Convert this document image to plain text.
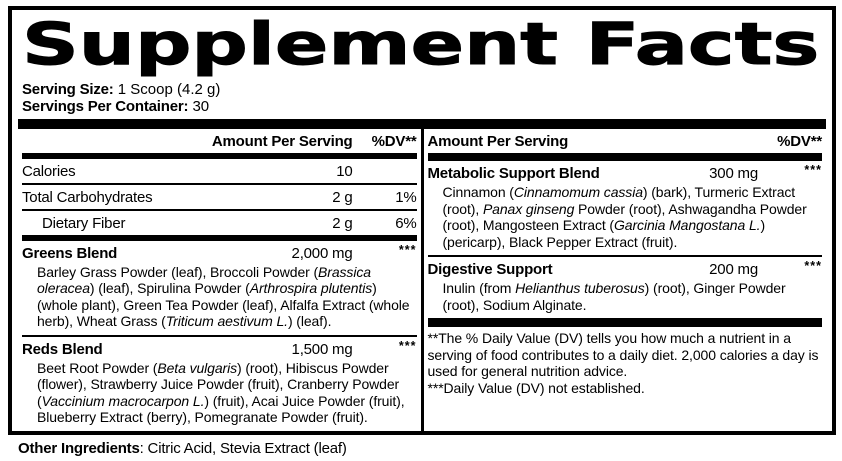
Supplement Facts
Serving Size: 1 Scoop (4.2 g)
Servings Per Container: 30
Amount Per Serving	%DV**
Calories	10
Total Carbohydrates	2 g	1%
Dietary Fiber	2 g	6%
Greens Blend	2,000 mg	***
Barley Grass Powder (leaf), Broccoli Powder (Brassica oleracea) (leaf), Spirulina Powder (Arthrospira plutentis) (whole plant), Green Tea Powder (leaf), Alfalfa Extract (whole herb), Wheat Grass (Triticum aestivum L.) (leaf).
Reds Blend	1,500 mg	***
Beet Root Powder (Beta vulgaris) (root), Hibiscus Powder (flower), Strawberry Juice Powder (fruit), Cranberry Powder (Vaccinium macrocarpon L.) (fruit), Acai Juice Powder (fruit), Blueberry Extract (berry), Pomegranate Powder (fruit).
Amount Per Serving	%DV**
Metabolic Support Blend	300 mg	***
Cinnamon (Cinnamomum cassia) (bark), Turmeric Extract (root), Panax ginseng Powder (root), Ashwagandha Powder (root), Mangosteen Extract (Garcinia Mangostana L.) (pericarp), Black Pepper Extract (fruit).
Digestive Support	200 mg	***
Inulin (from Helianthus tuberosus) (root), Ginger Powder (root), Sodium Alginate.

**The % Daily Value (DV) tells you how much a nutrient in a serving of food contributes to a daily diet. 2,000 calories a day is used for general nutrition advice.

***Daily Value (DV) not established.

Other Ingredients: Citric Acid, Stevia Extract (leaf)
